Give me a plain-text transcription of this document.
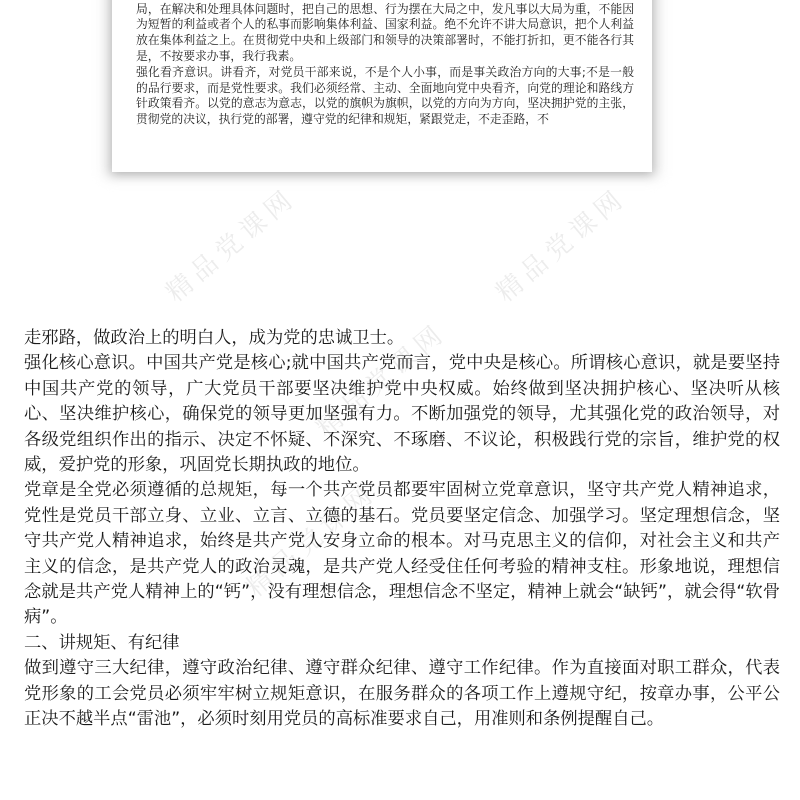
局，在解决和处理具体问题时，把自己的思想、行为摆在大局之中，发凡事以大局为重，不能因为短暂的利益或者个人的私事而影响集体利益、国家利益。绝不允许不讲大局意识，把个人利益放在集体利益之上。在贯彻党中央和上级部门和领导的决策部署时，不能打折扣，更不能各行其是，不按要求办事，我行我素。

强化看齐意识。讲看齐，对党员干部来说，不是个人小事，而是事关政治方向的大事;不是一般的品行要求，而是党性要求。我们必须经常、主动、全面地向党中央看齐，向党的理论和路线方针政策看齐。以党的意志为意志，以党的旗帜为旗帜，以党的方向为方向，坚决拥护党的主张，贯彻党的决议，执行党的部署，遵守党的纪律和规矩，紧跟党走，不走歪路，不

精品党课网	精品党课网
精品党课网
精品党课网

走邪路，做政治上的明白人，成为党的忠诚卫士。

强化核心意识。中国共产党是核心;就中国共产党而言，党中央是核心。所谓核心意识，就是要坚持中国共产党的领导，广大党员干部要坚决维护党中央权威。始终做到坚决拥护核心、坚决听从核心、坚决维护核心，确保党的领导更加坚强有力。不断加强党的领导，尤其强化党的政治领导，对各级党组织作出的指示、决定不怀疑、不深究、不琢磨、不议论，积极践行党的宗旨，维护党的权威，爱护党的形象，巩固党长期执政的地位。

党章是全党必须遵循的总规矩，每一个共产党员都要牢固树立党章意识，坚守共产党人精神追求，党性是党员干部立身、立业、立言、立德的基石。党员要坚定信念、加强学习。坚定理想信念，坚守共产党人精神追求，始终是共产党人安身立命的根本。对马克思主义的信仰，对社会主义和共产主义的信念，是共产党人的政治灵魂，是共产党人经受住任何考验的精神支柱。形象地说，理想信念就是共产党人精神上的“钙”，没有理想信念，理想信念不坚定，精神上就会“缺钙”，就会得“软骨病”。

二、讲规矩、有纪律

做到遵守三大纪律，遵守政治纪律、遵守群众纪律、遵守工作纪律。作为直接面对职工群众，代表党形象的工会党员必须牢牢树立规矩意识，在服务群众的各项工作上遵规守纪，按章办事，公平公正决不越半点“雷池”，必须时刻用党员的高标准要求自己，用准则和条例提醒自己。
